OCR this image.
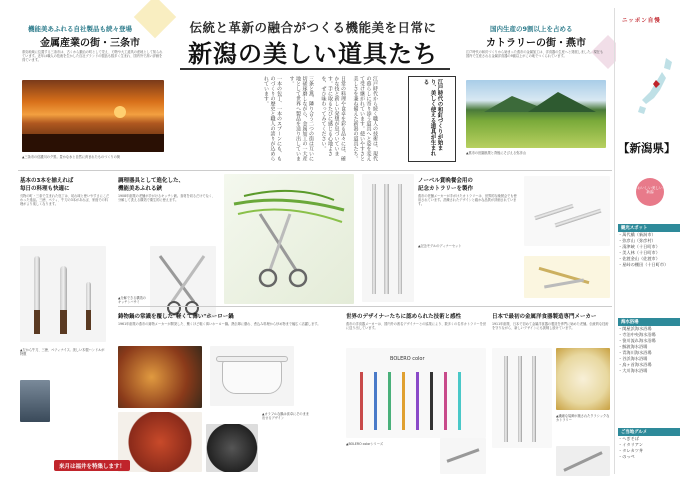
伝統と革新の融合がつくる機能美を日常に
新潟の美しい道具たち
機能美あふれる自社製品も続々登場
金属産業の街・三条市
県央地域に位置する三条市は、古くから鍛冶の町として栄え、刃物や大工道具の産地として知られています。近年は職人の技術を生かした自社ブランドの製品も数多く生まれ、国内外で高い評価を得ています。
▲三条市の信濃川の夕景。豊かな水と自然に育まれたものづくりの街	江戸時代から続く職人の技術は、現代の暮らしに寄り添う道具へと姿を変えて受け継がれています。使いやすさと美しさを兼ね備えた新潟の道具たち。
日常の料理や食卓を彩る品々には、確かな技と新しい発想が息づいています。手に取るたびに感じる心地よさを、ぜひ味わってみてください。
三条と燕、隣り合う二つの街は互いに切磋琢磨しながら、金属加工の一大産地として世界へ製品を送り出しています。
一本の包丁、一本のスプーンにも、ものづくりの歴史と職人の誇りが込められています。	江戸時代の和釘づくりが始まり、美しく使える道具が生まれる
国内生産の9割以上を占める
カトラリーの街・燕市
江戸時代の和釘づくりから始まった燕市の金属加工は、洋食器の生産へと発展しました。現在も国内で生産される金属洋食器の9割以上がこの地でつくられています。
▲燕市の田園風景と背後にそびえる弥彦山
ニッポン自慢
【新潟県】
おいしい美しい新潟
観光スポット
・萬代橋（新潟市）
・弥彦山（弥彦村）
・清津峡（十日町市）
・美人林（十日町市）
・佐渡金山（佐渡市）
・星峠の棚田（十日町市）
海水浴場
・関屋浜海水浴場
・寺泊中央海水浴場
・笹川流れ海水浴場
・鯨波海水浴場
・青海川海水浴場
・谷浜海水浴場
・鳥ヶ首海水浴場
・大川海水浴場
ご当地グルメ
・へぎそば
・イタリアン
・タレカツ丼
・のっぺ
基本の3本を揃えれば
毎日の料理も快適に
刃物の町・三条で生まれた包丁は、切れ味と使いやすさにこだわった逸品。三徳、ペティ、牛刀の3本があれば、家庭での料理がより楽しくなります。
▲左から牛刀、三徳、ペティナイフ。美しい木製ハンドルが特徴
調理器具として進化した、
機能美あふれる鋏
1908年創業の老舗が手がけるキッチン鋏。食材を切るだけでなく、分解して洗える構造で衛生的に使えます。
▲分解できる構造のキッチンバサミ
ノーベル賞晩餐会用の
記念カトラリーを製作
燕市の老舗メーカーが手がけたカトラリーは、世界的な晩餐会でも使用されています。洗練されたデザインと確かな品質が評価されています。
▲記念モデルのディナーセット
鋳物鍋の常識を覆した"軽くて薄い"ホーロー鍋
1961年創業の燕市の鋳物メーカーが開発した、驚くほど軽く薄いホーロー鍋。熱伝導に優れ、煮込み料理から炒め物まで幅広く活躍します。
▲カラフルな鍋は食卓にそのまま出せるデザイン
世界のデザイナーたちに認められた技術と感性
燕市の洋食器メーカーは、国内外の著名デザイナーとの協業により、数多くの名作カトラリーを世に送り出しています。
BOLERO color
▲BOLERO colorシリーズ
日本で最初の金属洋食器製造専門メーカー
1911年創業、日本で初めて金属洋食器の製造を専門に始めた老舗。伝統的な技術を守りながら、新しいデザインにも挑戦し続けています。
▲繊細な装飾が施されたクラシックなカトラリー
来月は福井を特集します！
